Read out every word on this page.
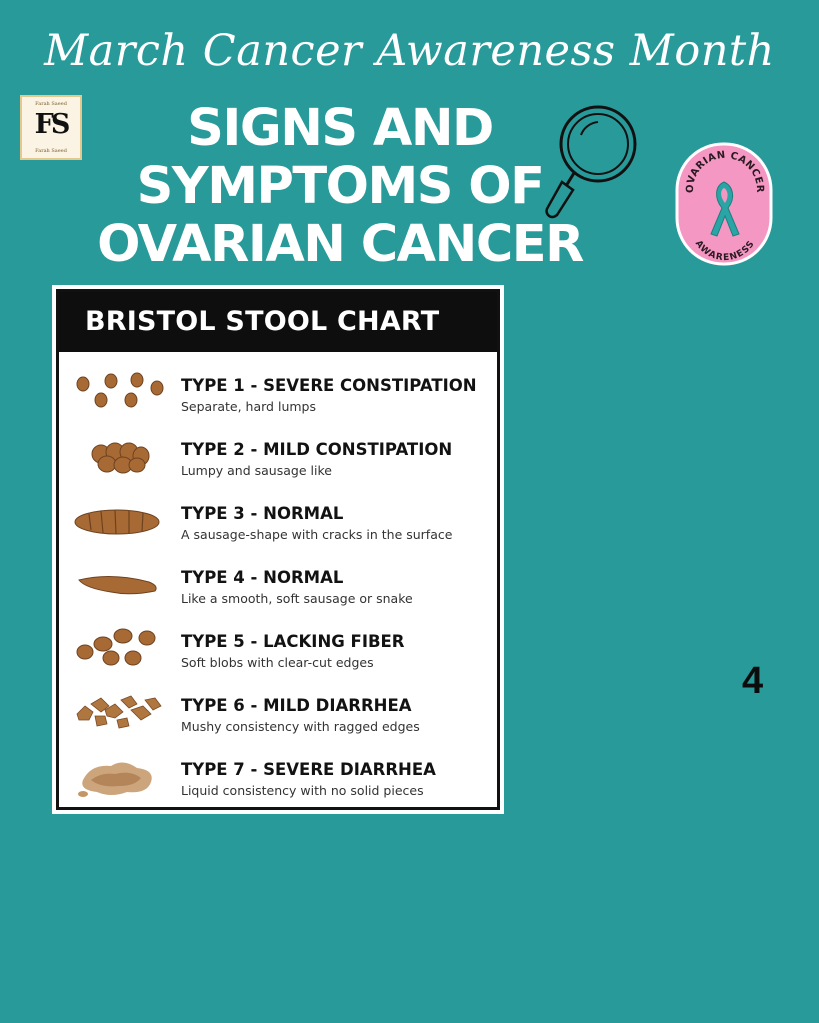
March Cancer Awareness Month
Farah Saeed
FS
Farah Saeed	SIGNS AND
SYMPTOMS OF
OVARIAN CANCER
OVARIAN CANCER
AWARENESS
4
BRISTOL STOOL CHART
TYPE 1 - SEVERE CONSTIPATION
Separate, hard lumps
TYPE 2 - MILD CONSTIPATION
Lumpy and sausage like
TYPE 3 - NORMAL
A sausage-shape with cracks in the surface
TYPE 4 - NORMAL
Like a smooth, soft sausage or snake
TYPE 5 - LACKING FIBER
Soft blobs with clear-cut edges
TYPE 6 - MILD DIARRHEA
Mushy consistency with ragged edges
TYPE 7 - SEVERE DIARRHEA
Liquid consistency with no solid pieces
